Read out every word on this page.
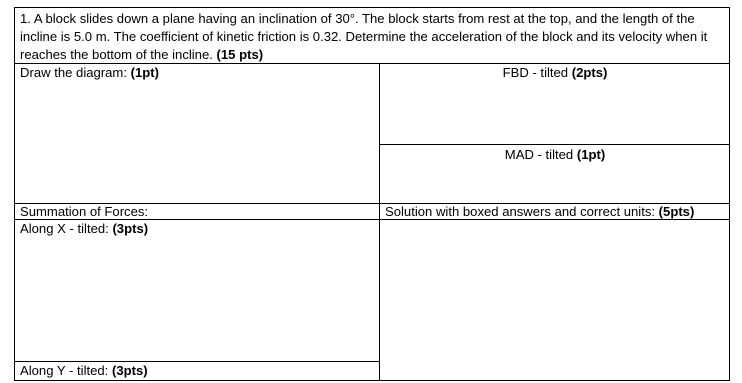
1. A block slides down a plane having an inclination of 30°. The block starts from rest at the top, and the length of the incline is 5.0 m. The coefficient of kinetic friction is 0.32. Determine the acceleration of the block and its velocity when it reaches the bottom of the incline. (15 pts)
Draw the diagram: (1pt)	FBD - tilted (2pts)
MAD - tilted (1pt)
Summation of Forces:	Solution with boxed answers and correct units: (5pts)
Along X - tilted: (3pts)
Along Y - tilted: (3pts)
